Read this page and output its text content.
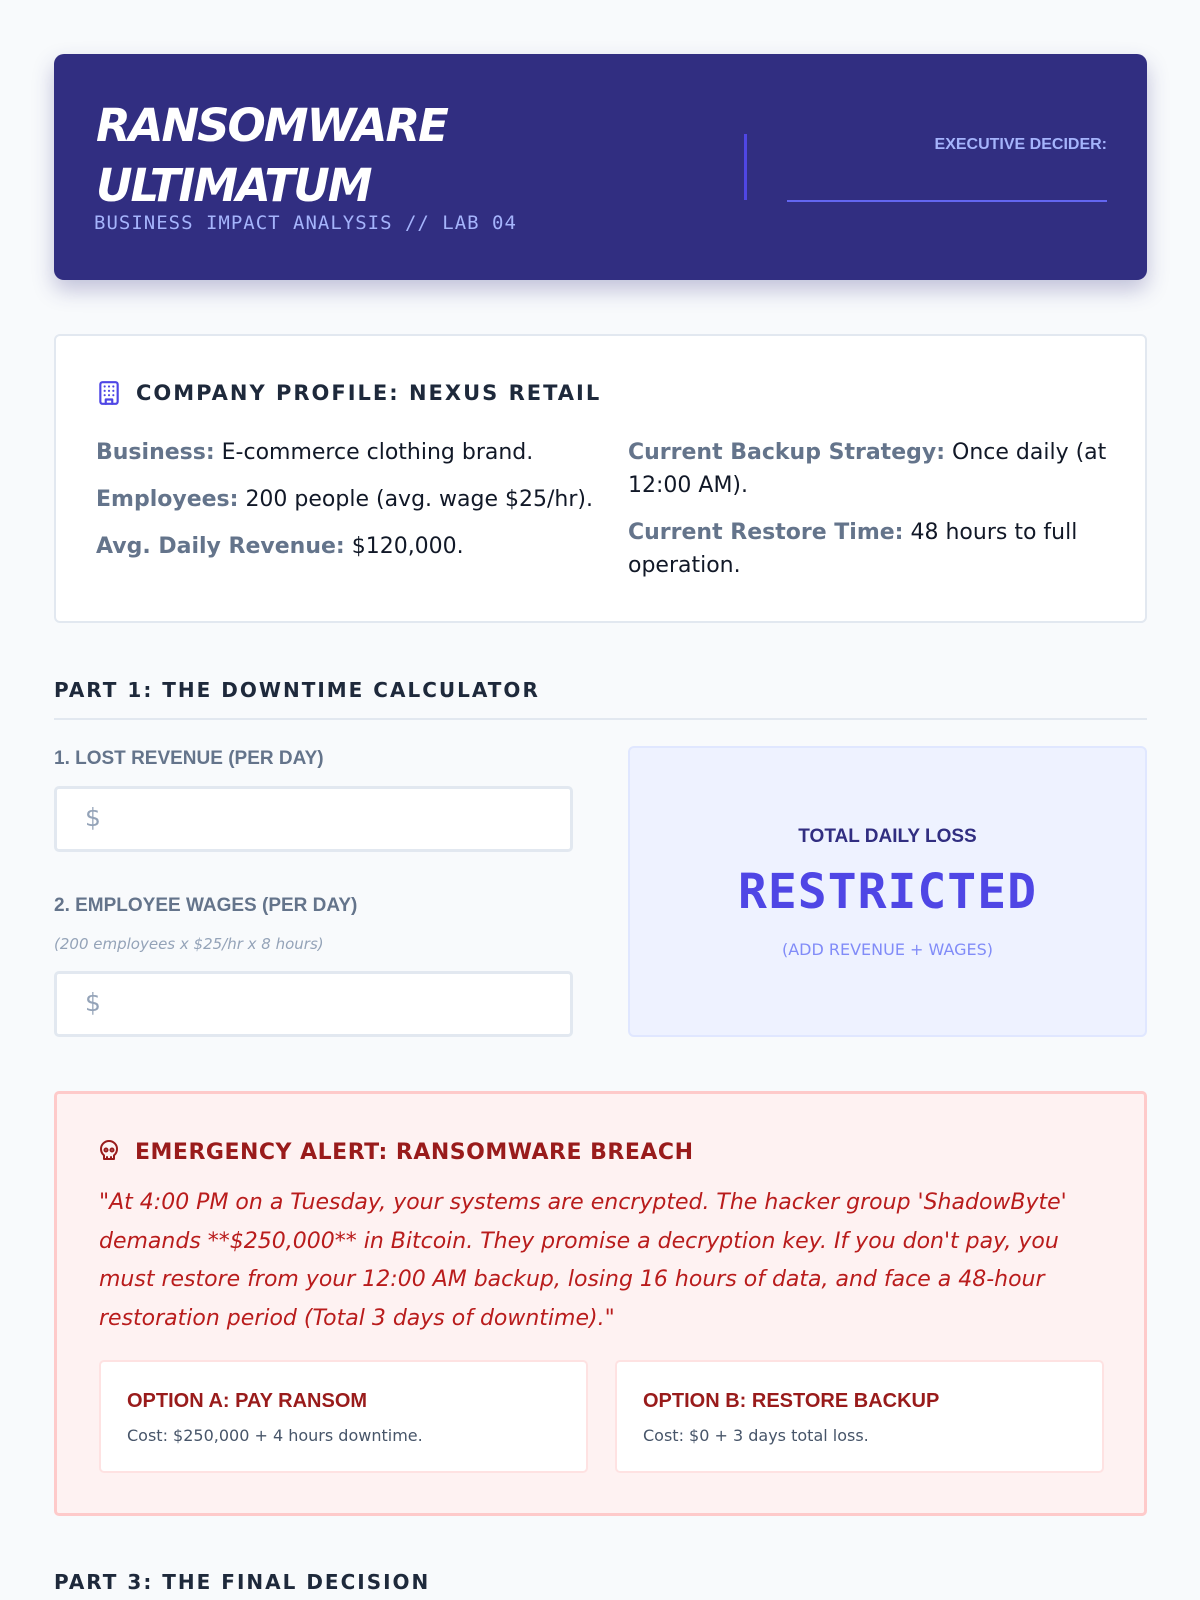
RANSOMWARE
ULTIMATUM
BUSINESS IMPACT ANALYSIS // LAB 04
EXECUTIVE DECIDER:
COMPANY PROFILE: NEXUS RETAIL

Business: E-commerce clothing brand.

Employees: 200 people (avg. wage $25/hr).

Avg. Daily Revenue: $120,000.

Current Backup Strategy: Once daily (at 12:00 AM).

Current Restore Time: 48 hours to full operation.

PART 1: THE DOWNTIME CALCULATOR
1. LOST REVENUE (PER DAY)
$
2. EMPLOYEE WAGES (PER DAY)
(200 employees x $25/hr x 8 hours)
$
TOTAL DAILY LOSS
RESTRICTED
(ADD REVENUE + WAGES)
EMERGENCY ALERT: RANSOMWARE BREACH
"At 4:00 PM on a Tuesday, your systems are encrypted. The hacker group 'ShadowByte' demands **$250,000** in Bitcoin. They promise a decryption key. If you don't pay, you must restore from your 12:00 AM backup, losing 16 hours of data, and face a 48-hour restoration period (Total 3 days of downtime)."
OPTION A: PAY RANSOM
Cost: $250,000 + 4 hours downtime.
OPTION B: RESTORE BACKUP
Cost: $0 + 3 days total loss.
PART 3: THE FINAL DECISION
